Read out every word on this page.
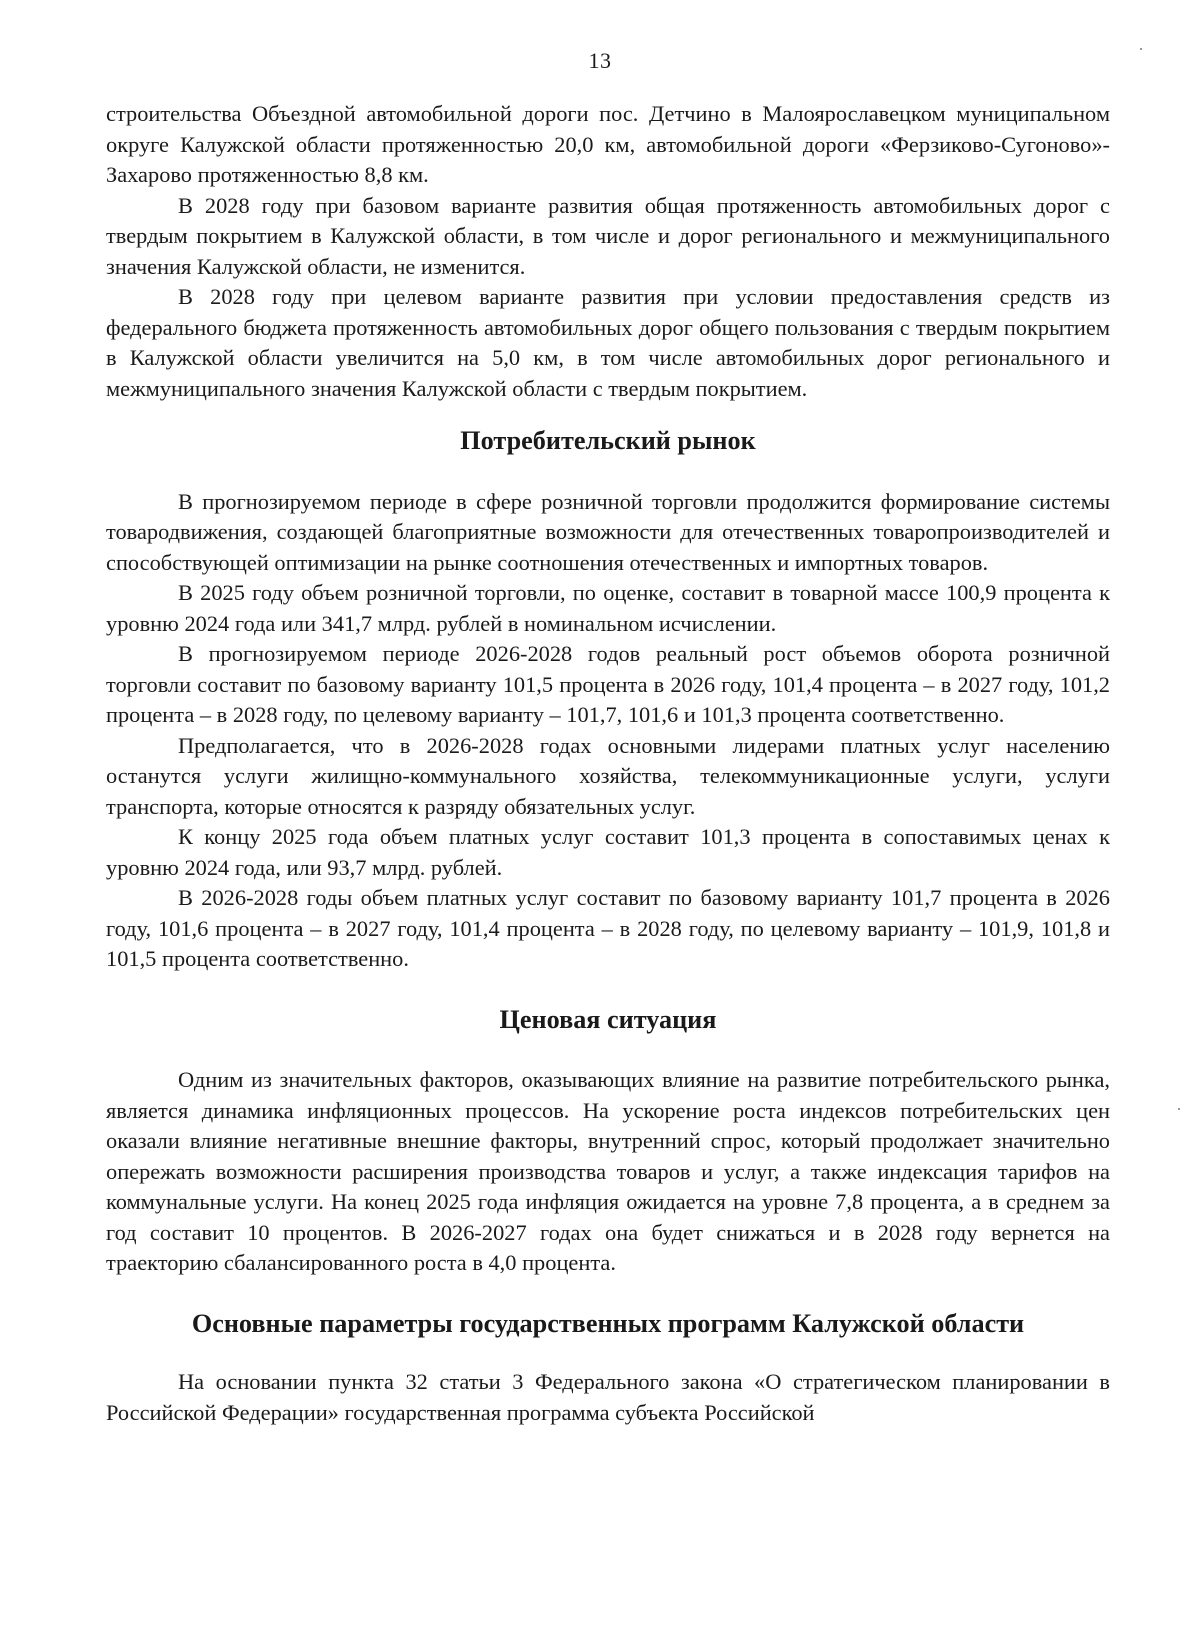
13

строительства Объездной автомобильной дороги пос. Детчино в Малоярославецком муниципальном округе Калужской области протяженностью 20,0 км, автомобильной дороги «Ферзиково-Сугоново»-Захарово протяженностью 8,8 км.

В 2028 году при базовом варианте развития общая протяженность автомобильных дорог с твердым покрытием в Калужской области, в том числе и дорог регионального и межмуниципального значения Калужской области, не изменится.

В 2028 году при целевом варианте развития при условии предоставления средств из федерального бюджета протяженность автомобильных дорог общего пользования с твердым покрытием в Калужской области увеличится на 5,0 км, в том числе автомобильных дорог регионального и межмуниципального значения Калужской области с твердым покрытием.

Потребительский рынок

В прогнозируемом периоде в сфере розничной торговли продолжится формирование системы товародвижения, создающей благоприятные возможности для отечественных товаропроизводителей и способствующей оптимизации на рынке соотношения отечественных и импортных товаров.

В 2025 году объем розничной торговли, по оценке, составит в товарной массе 100,9 процента к уровню 2024 года или 341,7 млрд. рублей в номинальном исчислении.

В прогнозируемом периоде 2026-2028 годов реальный рост объемов оборота розничной торговли составит по базовому варианту 101,5 процента в 2026 году, 101,4 процента – в 2027 году, 101,2 процента – в 2028 году, по целевому варианту – 101,7, 101,6 и 101,3 процента соответственно.

Предполагается, что в 2026-2028 годах основными лидерами платных услуг населению останутся услуги жилищно-коммунального хозяйства, телекоммуникационные услуги, услуги транспорта, которые относятся к разряду обязательных услуг.

К концу 2025 года объем платных услуг составит 101,3 процента в сопоставимых ценах к уровню 2024 года, или 93,7 млрд. рублей.

В 2026-2028 годы объем платных услуг составит по базовому варианту 101,7 процента в 2026 году, 101,6 процента – в 2027 году, 101,4 процента – в 2028 году, по целевому варианту – 101,9, 101,8 и 101,5 процента соответственно.

Ценовая ситуация

Одним из значительных факторов, оказывающих влияние на развитие потребительского рынка, является динамика инфляционных процессов. На ускорение роста индексов потребительских цен оказали влияние негативные внешние факторы, внутренний спрос, который продолжает значительно опережать возможности расширения производства товаров и услуг, а также индексация тарифов на коммунальные услуги. На конец 2025 года инфляция ожидается на уровне 7,8 процента, а в среднем за год составит 10 процентов. В 2026-2027 годах она будет снижаться и в 2028 году вернется на траекторию сбалансированного роста в 4,0 процента.

Основные параметры государственных программ Калужской области

На основании пункта 32 статьи 3 Федерального закона «О стратегическом планировании в Российской Федерации» государственная программа субъекта Российской
